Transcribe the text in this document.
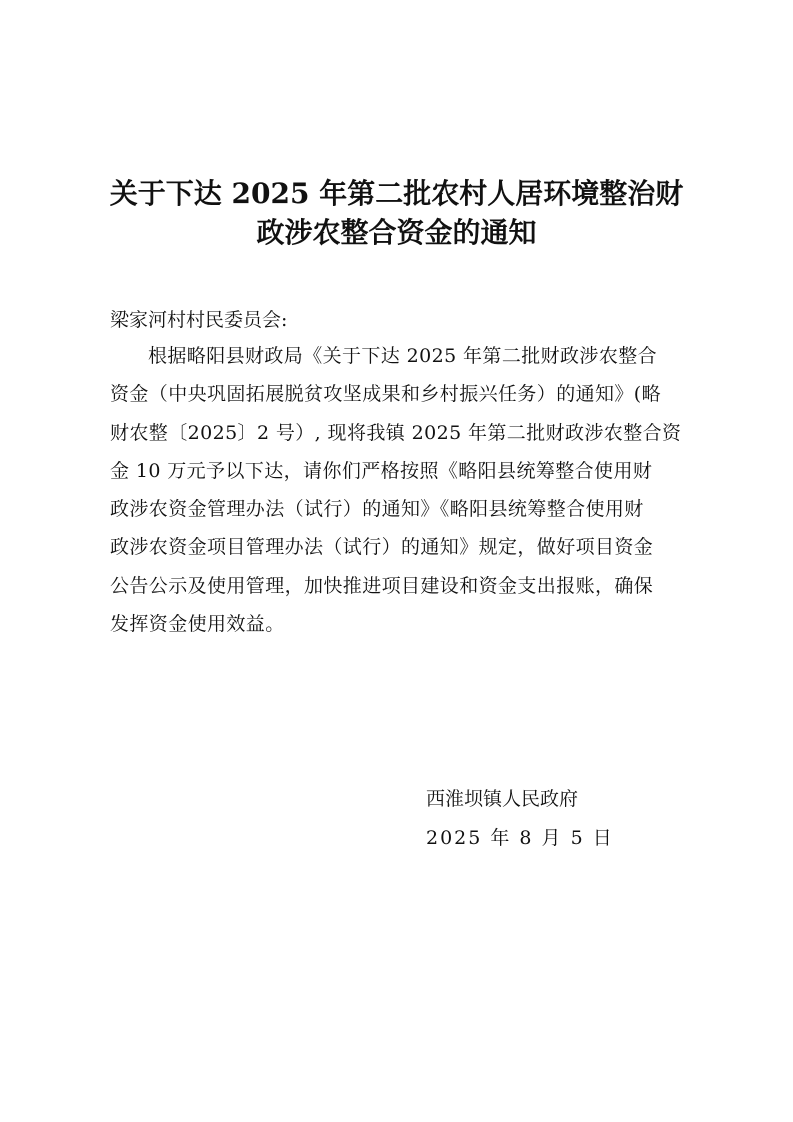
关于下达 2025 年第二批农村人居环境整治财
政涉农整合资金的通知
梁家河村村民委员会:
根据略阳县财政局《关于下达 2025 年第二批财政涉农整合
资金（中央巩固拓展脱贫攻坚成果和乡村振兴任务）的通知》(略
财农整〔2025〕2 号）, 现将我镇 2025 年第二批财政涉农整合资
金 10 万元予以下达，请你们严格按照《略阳县统筹整合使用财
政涉农资金管理办法（试行）的通知》《略阳县统筹整合使用财
政涉农资金项目管理办法（试行）的通知》规定，做好项目资金
公告公示及使用管理，加快推进项目建设和资金支出报账，确保
发挥资金使用效益。
西淮坝镇人民政府
2025 年 8 月 5 日
